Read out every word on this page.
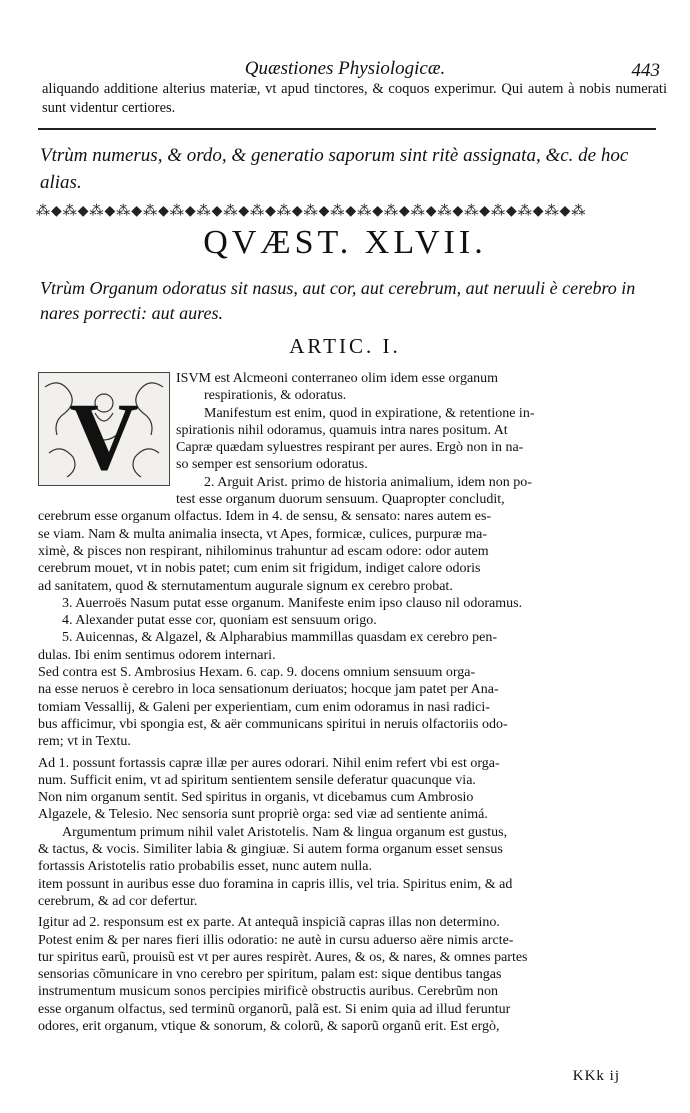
Quæstiones Physiologicæ.	443
aliquando additione alterius materiæ, vt apud tinctores, & coquos experimur. Qui autem à nobis numerati sunt videntur certiores.
Vtrùm numerus, & ordo, & generatio saporum sint ritè assignata, &c. de hoc alias.
⁂◆⁂◆⁂◆⁂◆⁂◆⁂◆⁂◆⁂◆⁂◆⁂◆⁂◆⁂◆⁂◆⁂◆⁂◆⁂◆⁂◆⁂◆⁂◆⁂◆⁂
QVÆST. XLVII.
Vtrùm Organum odoratus sit nasus, aut cor, aut cerebrum, aut neruuli è cerebro in nares porrecti: aut aures.
ARTIC. I.
V
ISVM est Alcmeoni conterraneo olim idem esse organum
respirationis, & odoratus.
Manifestum est enim, quod in expiratione, & retentione in-
spirationis nihil odoramus, quamuis intra nares positum. At
Capræ quædam syluestres respirant per aures. Ergò non in na-
so semper est sensorium odoratus.
2. Arguit Arist. primo de historia animalium, idem non po-
test esse organum duorum sensuum. Quapropter concludit,
cerebrum esse organum olfactus. Idem in 4. de sensu, & sensato: nares autem es-
se viam. Nam & multa animalia insecta, vt Apes, formicæ, culices, purpuræ ma-
ximè, & pisces non respirant, nihilominus trahuntur ad escam odore: odor autem
cerebrum mouet, vt in nobis patet; cum enim sit frigidum, indiget calore odoris
ad sanitatem, quod & sternutamentum augurale signum ex cerebro probat.
3. Auerroës Nasum putat esse organum. Manifeste enim ipso clauso nil odoramus.
4. Alexander putat esse cor, quoniam est sensuum origo.
5. Auicennas, & Algazel, & Alpharabius mammillas quasdam ex cerebro pen-
dulas. Ibi enim sentimus odorem internari.
Sed contra est S. Ambrosius Hexam. 6. cap. 9. docens omnium sensuum orga-
na esse neruos è cerebro in loca sensationum deriuatos; hocque jam patet per Ana-
tomiam Vessallij, & Galeni per experientiam, cum enim odoramus in nasi radici-
bus afficimur, vbi spongia est, & aër communicans spiritui in neruis olfactoriis odo-
rem; vt in Textu.
Ad 1. possunt fortassis capræ illæ per aures odorari. Nihil enim refert vbi est orga-
num. Sufficit enim, vt ad spiritum sentientem sensile deferatur quacunque via.
Non nim organum sentit. Sed spiritus in organis, vt dicebamus cum Ambrosio
Algazele, & Telesio. Nec sensoria sunt propriè orga: sed viæ ad sentiente animá.
Argumentum primum nihil valet Aristotelis. Nam & lingua organum est gustus,
& tactus, & vocis. Similiter labia & gingiuæ. Si autem forma organum esset sensus
fortassis Aristotelis ratio probabilis esset, nunc autem nulla.
item possunt in auribus esse duo foramina in capris illis, vel tria. Spiritus enim, & ad
cerebrum, & ad cor defertur.
Igitur ad 2. responsum est ex parte. At antequã inspiciã capras illas non determino.
Potest enim & per nares fieri illis odoratio: ne autè in cursu aduerso aëre nimis arcte-
tur spiritus earũ, prouisũ est vt per aures respirèt. Aures, & os, & nares, & omnes partes
sensorias cõmunicare in vno cerebro per spiritum, palam est: sique dentibus tangas
instrumentum musicum sonos percipies mirificè obstructis auribus. Cerebrũm non
esse organum olfactus, sed terminũ organorũ, palã est. Si enim quia ad illud feruntur
odores, erit organum, vtique & sonorum, & colorũ, & saporũ organũ erit. Est ergò,
KKk ij
